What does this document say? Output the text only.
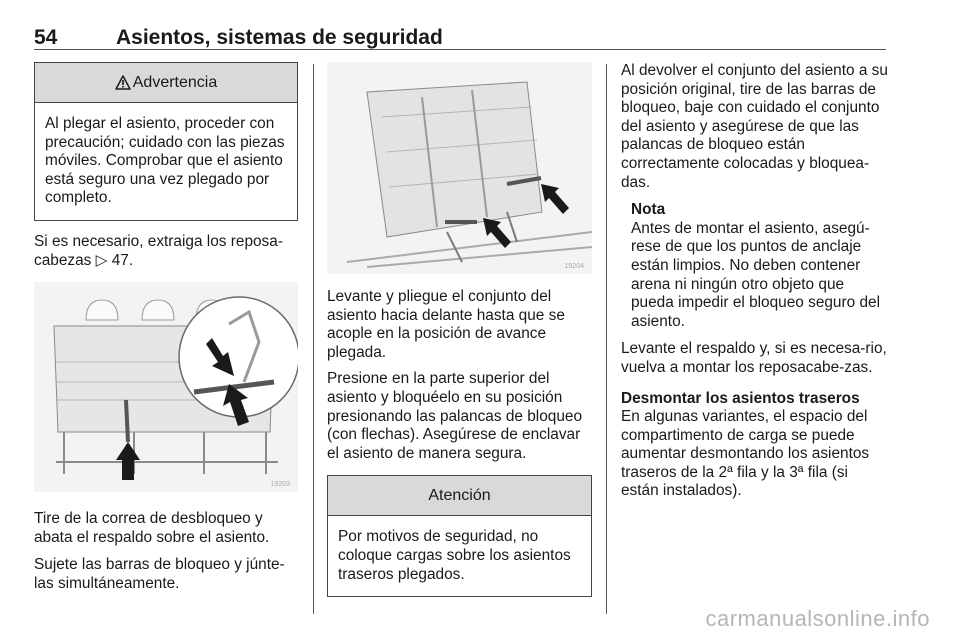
54	Asientos, sistemas de seguridad
Advertencia

Al plegar el asiento, proceder con precaución; cuidado con las piezas móviles. Comprobar que el asiento está seguro una vez plegado por completo.

Si es necesario, extraiga los reposa-cabezas ▷ 47.

19203

Tire de la correa de desbloqueo y abata el respaldo sobre el asiento.

Sujete las barras de bloqueo y júnte-las simultáneamente.

19204

Levante y pliegue el conjunto del asiento hacia delante hasta que se acople en la posición de avance plegada.

Presione en la parte superior del asiento y bloquéelo en su posición presionando las palancas de bloqueo (con flechas). Asegúrese de enclavar el asiento de manera segura.

Atención

Por motivos de seguridad, no coloque cargas sobre los asientos traseros plegados.

Al devolver el conjunto del asiento a su posición original, tire de las barras de bloqueo, baje con cuidado el conjunto del asiento y asegúrese de que las palancas de bloqueo están correctamente colocadas y bloquea-das.

Nota

Antes de montar el asiento, asegú-rese de que los puntos de anclaje están limpios. No deben contener arena ni ningún otro objeto que pueda impedir el bloqueo seguro del asiento.

Levante el respaldo y, si es necesa-rio, vuelva a montar los reposacabe-zas.

Desmontar los asientos traseros

En algunas variantes, el espacio del compartimento de carga se puede aumentar desmontando los asientos traseros de la 2ª fila y la 3ª fila (si están instalados).

carmanualsonline.info
